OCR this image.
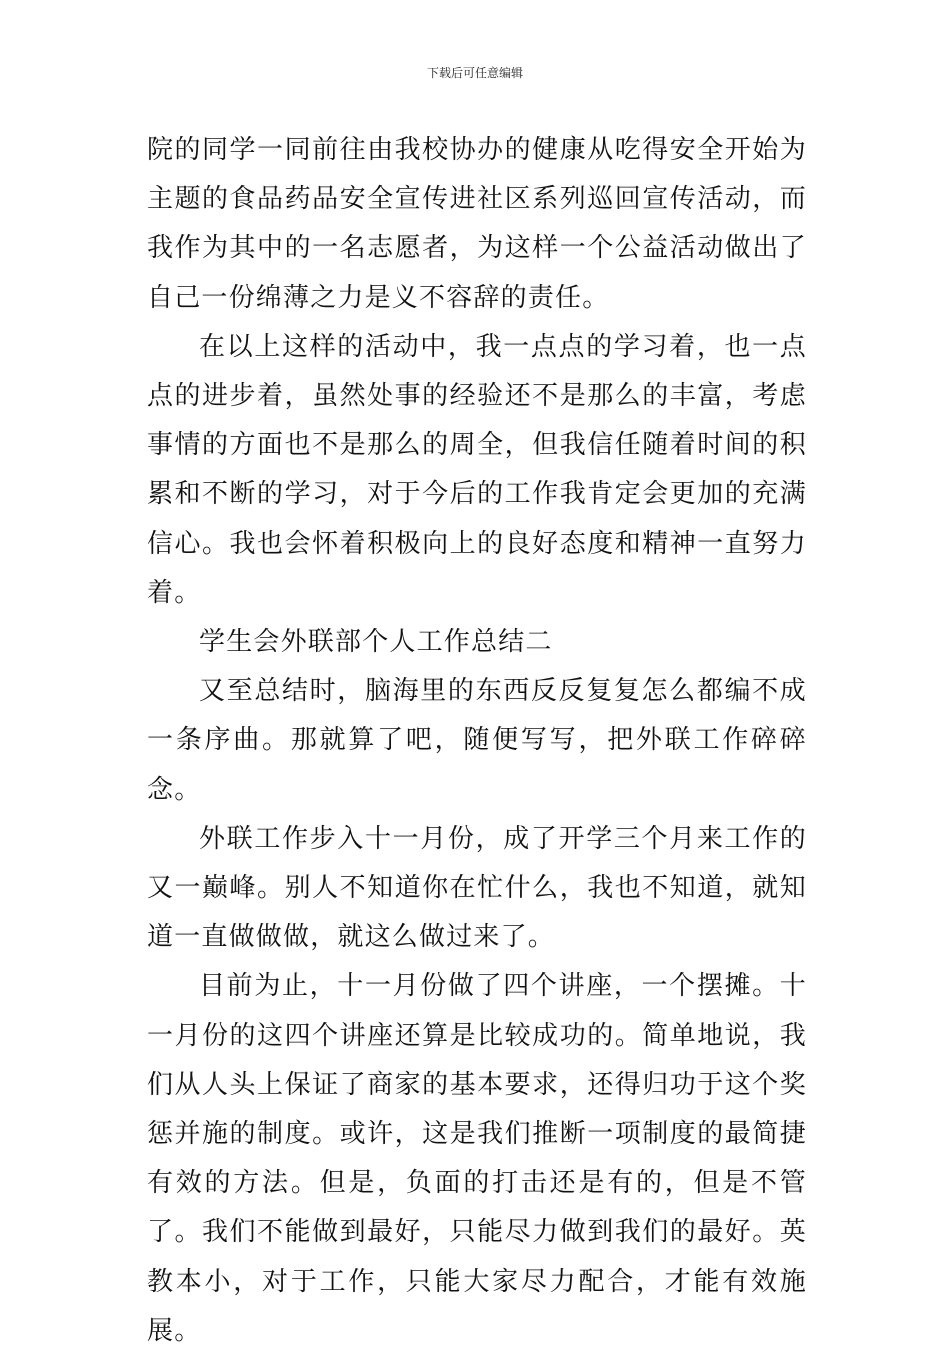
下载后可任意编辑

院的同学一同前往由我校协办的健康从吃得安全开始为主题的食品药品安全宣传进社区系列巡回宣传活动，而我作为其中的一名志愿者，为这样一个公益活动做出了自己一份绵薄之力是义不容辞的责任。

在以上这样的活动中，我一点点的学习着，也一点点的进步着，虽然处事的经验还不是那么的丰富，考虑事情的方面也不是那么的周全，但我信任随着时间的积累和不断的学习，对于今后的工作我肯定会更加的充满信心。我也会怀着积极向上的良好态度和精神一直努力着。

学生会外联部个人工作总结二

又至总结时，脑海里的东西反反复复怎么都编不成一条序曲。那就算了吧，随便写写，把外联工作碎碎念。

外联工作步入十一月份，成了开学三个月来工作的又一巅峰。别人不知道你在忙什么，我也不知道，就知道一直做做做，就这么做过来了。

目前为止，十一月份做了四个讲座，一个摆摊。十一月份的这四个讲座还算是比较成功的。简单地说，我们从人头上保证了商家的基本要求，还得归功于这个奖惩并施的制度。或许，这是我们推断一项制度的最简捷有效的方法。但是，负面的打击还是有的，但是不管了。我们不能做到最好，只能尽力做到我们的最好。英教本小，对于工作，只能大家尽力配合，才能有效施展。
